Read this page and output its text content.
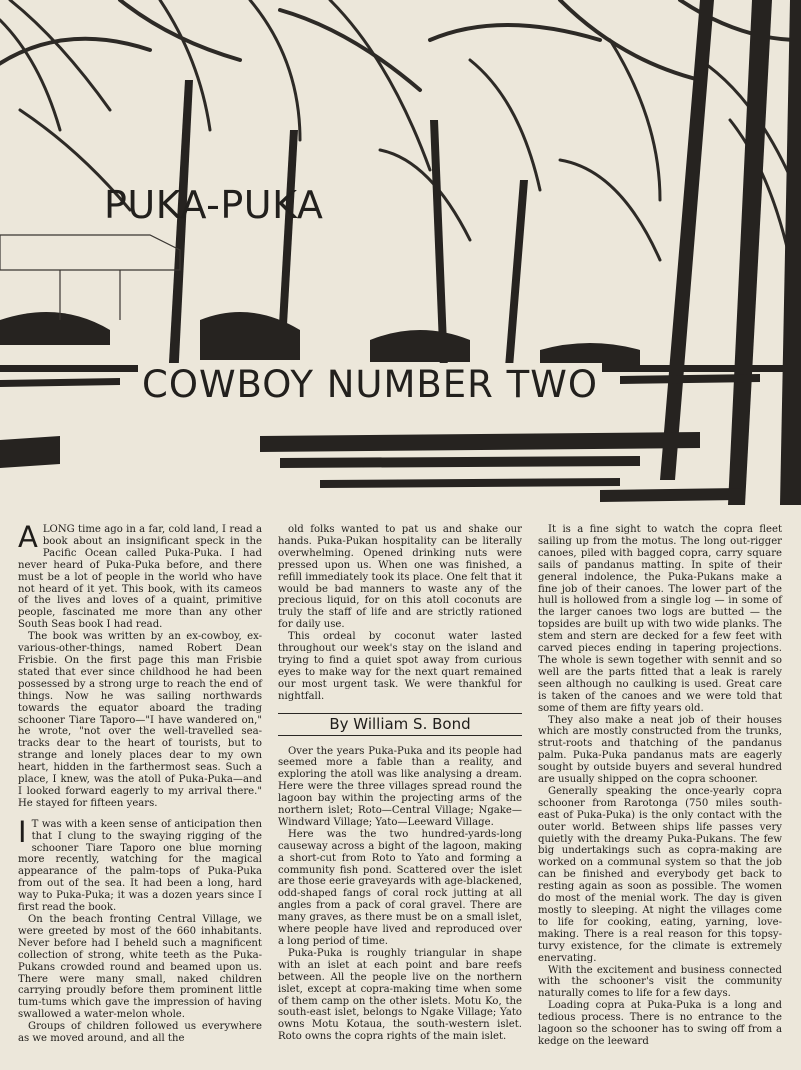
PUKA-PUKA
COWBOY NUMBER TWO

ALONG time ago in a far, cold land, I read a book about an insignificant speck in the Pacific Ocean called Puka-Puka. I had never heard of Puka-Puka before, and there must be a lot of people in the world who have not heard of it yet. This book, with its cameos of the lives and loves of a quaint, primitive people, fascinated me more than any other South Seas book I had read.

The book was written by an ex-cowboy, ex-various-other-things, named Robert Dean Frisbie. On the first page this man Frisbie stated that ever since childhood he had been possessed by a strong urge to reach the end of things. Now he was sailing northwards towards the equator aboard the trading schooner Tiare Taporo—"I have wandered on," he wrote, "not over the well-travelled sea-tracks dear to the heart of tourists, but to strange and lonely places dear to my own heart, hidden in the farthermost seas. Such a place, I knew, was the atoll of Puka-Puka—and I looked forward eagerly to my arrival there." He stayed for fifteen years.

I T was with a keen sense of anticipation then that I clung to the swaying rigging of the schooner Tiare Taporo one blue morning more recently, watching for the magical appearance of the palm-tops of Puka-Puka from out of the sea. It had been a long, hard way to Puka-Puka; it was a dozen years since I first read the book.

On the beach fronting Central Village, we were greeted by most of the 660 inhabitants. Never before had I beheld such a magnificent collection of strong, white teeth as the Puka-Pukans crowded round and beamed upon us. There were many small, naked children carrying proudly before them prominent little tum-tums which gave the impression of having swallowed a water-melon whole.

Groups of children followed us everywhere as we moved around, and all the

old folks wanted to pat us and shake our hands. Puka-Pukan hospitality can be literally overwhelming. Opened drinking nuts were pressed upon us. When one was finished, a refill immediately took its place. One felt that it would be bad manners to waste any of the precious liquid, for on this atoll coconuts are truly the staff of life and are strictly rationed for daily use.

This ordeal by coconut water lasted throughout our week's stay on the island and trying to find a quiet spot away from curious eyes to make way for the next quart remained our most urgent task. We were thankful for nightfall.

By William S. Bond

Over the years Puka-Puka and its people had seemed more a fable than a reality, and exploring the atoll was like analysing a dream. Here were the three villages spread round the lagoon bay within the projecting arms of the northern islet; Roto—Central Village; Ngake—Windward Village; Yato—Leeward Village.

Here was the two hundred-yards-long causeway across a bight of the lagoon, making a short-cut from Roto to Yato and forming a community fish pond. Scattered over the islet are those eerie graveyards with age-blackened, odd-shaped fangs of coral rock jutting at all angles from a pack of coral gravel. There are many graves, as there must be on a small islet, where people have lived and reproduced over a long period of time.

Puka-Puka is roughly triangular in shape with an islet at each point and bare reefs between. All the people live on the northern islet, except at copra-making time when some of them camp on the other islets. Motu Ko, the south-east islet, belongs to Ngake Village; Yato owns Motu Kotaua, the south-western islet. Roto owns the copra rights of the main islet.

It is a fine sight to watch the copra fleet sailing up from the motus. The long out-rigger canoes, piled with bagged copra, carry square sails of pandanus matting. In spite of their general indolence, the Puka-Pukans make a fine job of their canoes. The lower part of the hull is hollowed from a single log — in some of the larger canoes two logs are butted — the topsides are built up with two wide planks. The stem and stern are decked for a few feet with carved pieces ending in tapering projections. The whole is sewn together with sennit and so well are the parts fitted that a leak is rarely seen although no caulking is used. Great care is taken of the canoes and we were told that some of them are fifty years old.

They also make a neat job of their houses which are mostly constructed from the trunks, strut-roots and thatching of the pandanus palm. Puka-Puka pandanus mats are eagerly sought by outside buyers and several hundred are usually shipped on the copra schooner.

Generally speaking the once-yearly copra schooner from Rarotonga (750 miles south-east of Puka-Puka) is the only contact with the outer world. Between ships life passes very quietly with the dreamy Puka-Pukans. The few big undertakings such as copra-making are worked on a communal system so that the job can be finished and everybody get back to resting again as soon as possible. The women do most of the menial work. The day is given mostly to sleeping. At night the villages come to life for cooking, eating, yarning, love-making. There is a real reason for this topsy-turvy existence, for the climate is extremely enervating.

With the excitement and business connected with the schooner's visit the community naturally comes to life for a few days.

Loading copra at Puka-Puka is a long and tedious process. There is no entrance to the lagoon so the schooner has to swing off from a kedge on the leeward
